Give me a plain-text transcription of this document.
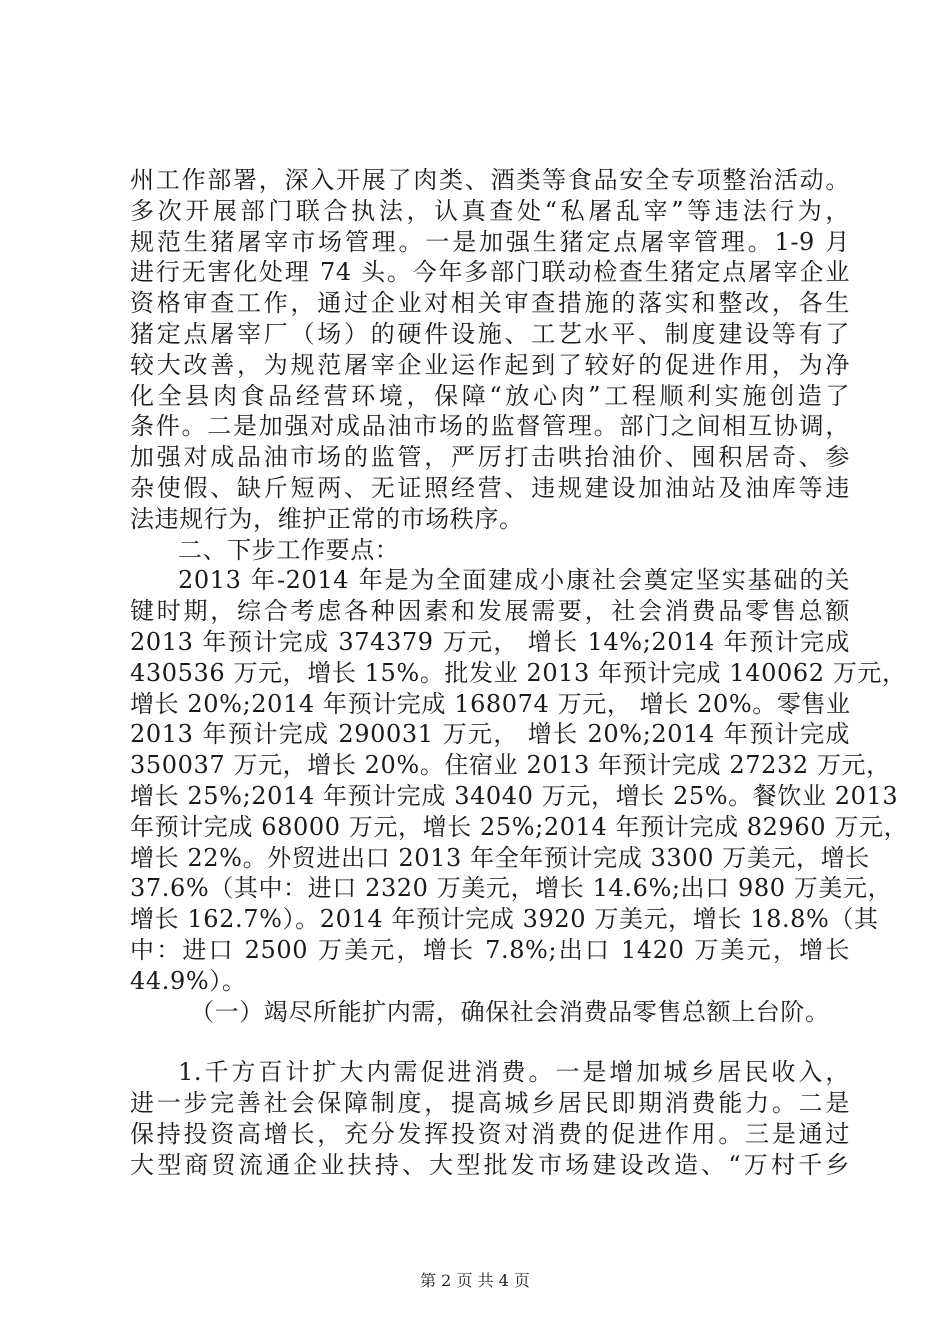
州工作部署，深入开展了肉类、酒类等食品安全专项整治活动。
多次开展部门联合执法，认真查处“私屠乱宰”等违法行为，
规范生猪屠宰市场管理。一是加强生猪定点屠宰管理。1-9 月
进行无害化处理 74 头。今年多部门联动检查生猪定点屠宰企业
资格审查工作，通过企业对相关审查措施的落实和整改，各生
猪定点屠宰厂（场）的硬件设施、工艺水平、制度建设等有了
较大改善，为规范屠宰企业运作起到了较好的促进作用，为净
化全县肉食品经营环境，保障“放心肉”工程顺利实施创造了
条件。二是加强对成品油市场的监督管理。部门之间相互协调，
加强对成品油市场的监管，严厉打击哄抬油价、囤积居奇、参
杂使假、缺斤短两、无证照经营、违规建设加油站及油库等违
法违规行为，维护正常的市场秩序。
二、下步工作要点：
2013 年-2014 年是为全面建成小康社会奠定坚实基础的关
键时期，综合考虑各种因素和发展需要，社会消费品零售总额
2013 年预计完成 374379 万元， 增长 14%;2014 年预计完成
430536 万元，增长 15%。批发业 2013 年预计完成 140062 万元，
增长 20%;2014 年预计完成 168074 万元， 增长 20%。零售业
2013 年预计完成 290031 万元， 增长 20%;2014 年预计完成
350037 万元，增长 20%。住宿业 2013 年预计完成 27232 万元，
增长 25%;2014 年预计完成 34040 万元，增长 25%。餐饮业 2013
年预计完成 68000 万元，增长 25%;2014 年预计完成 82960 万元，
增长 22%。外贸进出口 2013 年全年预计完成 3300 万美元，增长
37.6%（其中：进口 2320 万美元，增长 14.6%;出口 980 万美元，
增长 162.7%）。2014 年预计完成 3920 万美元，增长 18.8%（其
中：进口 2500 万美元，增长 7.8%;出口 1420 万美元，增长
44.9%）。
（一）竭尽所能扩内需，确保社会消费品零售总额上台阶。
1.千方百计扩大内需促进消费。一是增加城乡居民收入，
进一步完善社会保障制度，提高城乡居民即期消费能力。二是
保持投资高增长，充分发挥投资对消费的促进作用。三是通过
大型商贸流通企业扶持、大型批发市场建设改造、“万村千乡
第 2 页 共 4 页
